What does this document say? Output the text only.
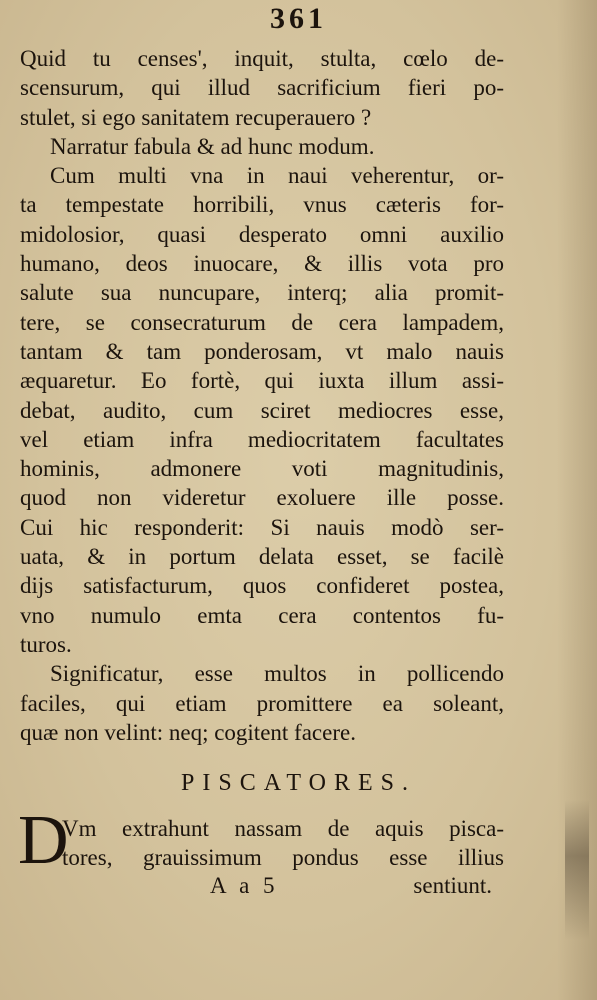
361
Quid tu censes', inquit, stulta, cœlo de-
scensurum, qui illud sacrificium fieri po-
stulet, si ego sanitatem recuperauero ?
Narratur fabula & ad hunc modum.
Cum multi vna in naui veherentur, or-
ta tempestate horribili, vnus cæteris for-
midolosior, quasi desperato omni auxilio
humano, deos inuocare, & illis vota pro
salute sua nuncupare, interq; alia promit-
tere, se consecraturum de cera lampadem,
tantam & tam ponderosam, vt malo nauis
æquaretur. Eo fortè, qui iuxta illum assi-
debat, audito, cum sciret mediocres esse,
vel etiam infra mediocritatem facultates
hominis, admonere voti magnitudinis,
quod non videretur exoluere ille posse.
Cui hic responderit: Si nauis modò ser-
uata, & in portum delata esset, se facilè
dijs satisfacturum, quos confideret postea,
vno numulo emta cera contentos fu-
turos.
Significatur, esse multos in pollicendo
faciles, qui etiam promittere ea soleant,
quæ non velint: neq; cogitent facere.
PISCATORES.
D
Vm extrahunt nassam de aquis pisca-
tores, grauissimum pondus esse illius
A a 5	sentiunt.
